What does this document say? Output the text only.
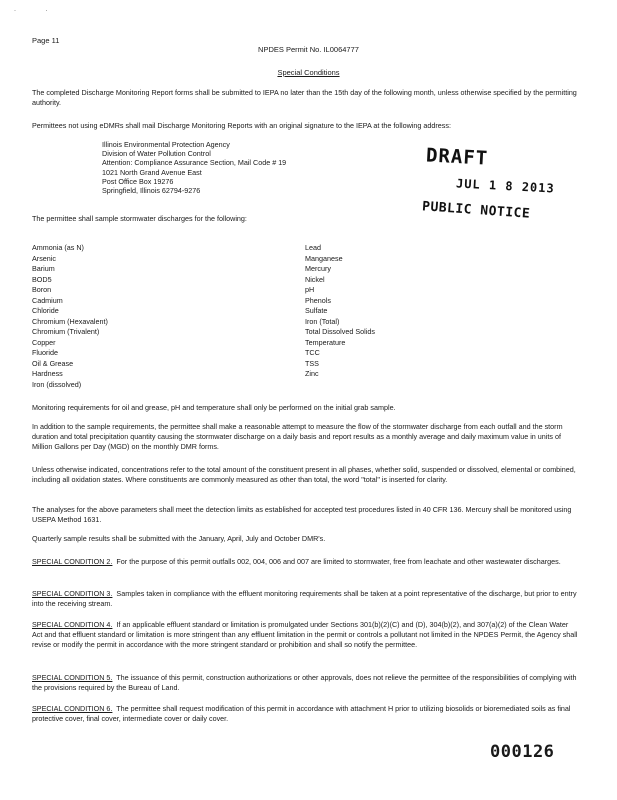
· ·
Page 11
NPDES Permit No. IL0064777
Special Conditions
The completed Discharge Monitoring Report forms shall be submitted to IEPA no later than the 15th day of the following month, unless otherwise specified by the permitting authority.
Permittees not using eDMRs shall mail Discharge Monitoring Reports with an original signature to the IEPA at the following address:
Illinois Environmental Protection Agency
Division of Water Pollution Control
Attention: Compliance Assurance Section, Mail Code # 19
1021 North Grand Avenue East
Post Office Box 19276
Springfield, Illinois 62794-9276
DRAFT
JUL 1 8 2013
PUBLIC NOTICE
The permittee shall sample stormwater discharges for the following:
Ammonia (as N)
Arsenic
Barium
BOD5
Boron
Cadmium
Chloride
Chromium (Hexavalent)
Chromium (Trivalent)
Copper
Fluoride
Oil & Grease
Hardness
Iron (dissolved)
Lead
Manganese
Mercury
Nickel
pH
Phenols
Sulfate
Iron (Total)
Total Dissolved Solids
Temperature
TCC
TSS
Zinc
Monitoring requirements for oil and grease, pH and temperature shall only be performed on the initial grab sample.
In addition to the sample requirements, the permittee shall make a reasonable attempt to measure the flow of the stormwater discharge from each outfall and the storm duration and total precipitation quantity causing the stormwater discharge on a daily basis and report results as a monthly average and daily maximum value in units of Million Gallons per Day (MGD) on the monthly DMR forms.
Unless otherwise indicated, concentrations refer to the total amount of the constituent present in all phases, whether solid, suspended or dissolved, elemental or combined, including all oxidation states. Where constituents are commonly measured as other than total, the word "total" is inserted for clarity.
The analyses for the above parameters shall meet the detection limits as established for accepted test procedures listed in 40 CFR 136. Mercury shall be monitored using USEPA Method 1631.
Quarterly sample results shall be submitted with the January, April, July and October DMR's.
SPECIAL CONDITION 2. For the purpose of this permit outfalls 002, 004, 006 and 007 are limited to stormwater, free from leachate and other wastewater discharges.
SPECIAL CONDITION 3. Samples taken in compliance with the effluent monitoring requirements shall be taken at a point representative of the discharge, but prior to entry into the receiving stream.
SPECIAL CONDITION 4. If an applicable effluent standard or limitation is promulgated under Sections 301(b)(2)(C) and (D), 304(b)(2), and 307(a)(2) of the Clean Water Act and that effluent standard or limitation is more stringent than any effluent limitation in the permit or controls a pollutant not limited in the NPDES Permit, the Agency shall revise or modify the permit in accordance with the more stringent standard or prohibition and shall so notify the permittee.
SPECIAL CONDITION 5. The issuance of this permit, construction authorizations or other approvals, does not relieve the permittee of the responsibilities of complying with the provisions required by the Bureau of Land.
SPECIAL CONDITION 6. The permittee shall request modification of this permit in accordance with attachment H prior to utilizing biosolids or bioremediated soils as final protective cover, final cover, intermediate cover or daily cover.
000126
